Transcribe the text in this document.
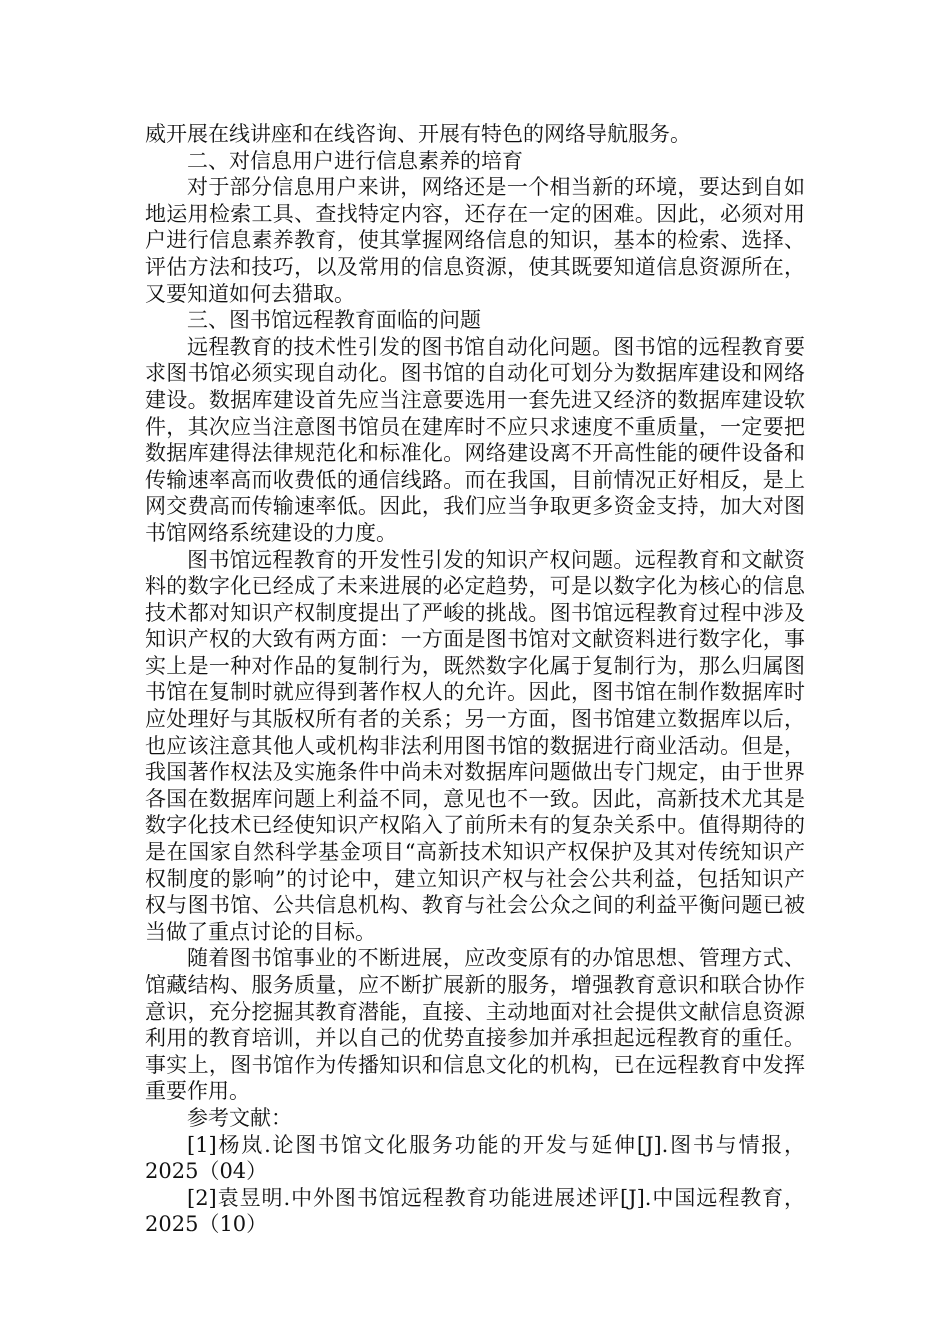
威开展在线讲座和在线咨询、开展有特色的网络导航服务。

二、对信息用户进行信息素养的培育

对于部分信息用户来讲，网络还是一个相当新的环境，要达到自如地运用检索工具、查找特定内容，还存在一定的困难。因此，必须对用户进行信息素养教育，使其掌握网络信息的知识，基本的检索、选择、评估方法和技巧，以及常用的信息资源，使其既要知道信息资源所在，又要知道如何去猎取。

三、图书馆远程教育面临的问题

远程教育的技术性引发的图书馆自动化问题。图书馆的远程教育要求图书馆必须实现自动化。图书馆的自动化可划分为数据库建设和网络建设。数据库建设首先应当注意要选用一套先进又经济的数据库建设软件，其次应当注意图书馆员在建库时不应只求速度不重质量，一定要把数据库建得法律规范化和标准化。网络建设离不开高性能的硬件设备和传输速率高而收费低的通信线路。而在我国，目前情况正好相反，是上网交费高而传输速率低。因此，我们应当争取更多资金支持，加大对图书馆网络系统建设的力度。

图书馆远程教育的开发性引发的知识产权问题。远程教育和文献资料的数字化已经成了未来进展的必定趋势，可是以数字化为核心的信息技术都对知识产权制度提出了严峻的挑战。图书馆远程教育过程中涉及知识产权的大致有两方面：一方面是图书馆对文献资料进行数字化，事实上是一种对作品的复制行为，既然数字化属于复制行为，那么归属图书馆在复制时就应得到著作权人的允许。因此，图书馆在制作数据库时应处理好与其版权所有者的关系；另一方面，图书馆建立数据库以后，也应该注意其他人或机构非法利用图书馆的数据进行商业活动。但是，我国著作权法及实施条件中尚未对数据库问题做出专门规定，由于世界各国在数据库问题上利益不同，意见也不一致。因此，高新技术尤其是数字化技术已经使知识产权陷入了前所未有的复杂关系中。值得期待的是在国家自然科学基金项目“高新技术知识产权保护及其对传统知识产权制度的影响”的讨论中，建立知识产权与社会公共利益，包括知识产权与图书馆、公共信息机构、教育与社会公众之间的利益平衡问题已被当做了重点讨论的目标。

随着图书馆事业的不断进展，应改变原有的办馆思想、管理方式、馆藏结构、服务质量，应不断扩展新的服务，增强教育意识和联合协作意识，充分挖掘其教育潜能，直接、主动地面对社会提供文献信息资源利用的教育培训，并以自己的优势直接参加并承担起远程教育的重任。事实上，图书馆作为传播知识和信息文化的机构，已在远程教育中发挥重要作用。

参考文献：

[1]杨岚.论图书馆文化服务功能的开发与延伸[J].图书与情报，2025（04）

[2]袁昱明.中外图书馆远程教育功能进展述评[J].中国远程教育，2025（10）
